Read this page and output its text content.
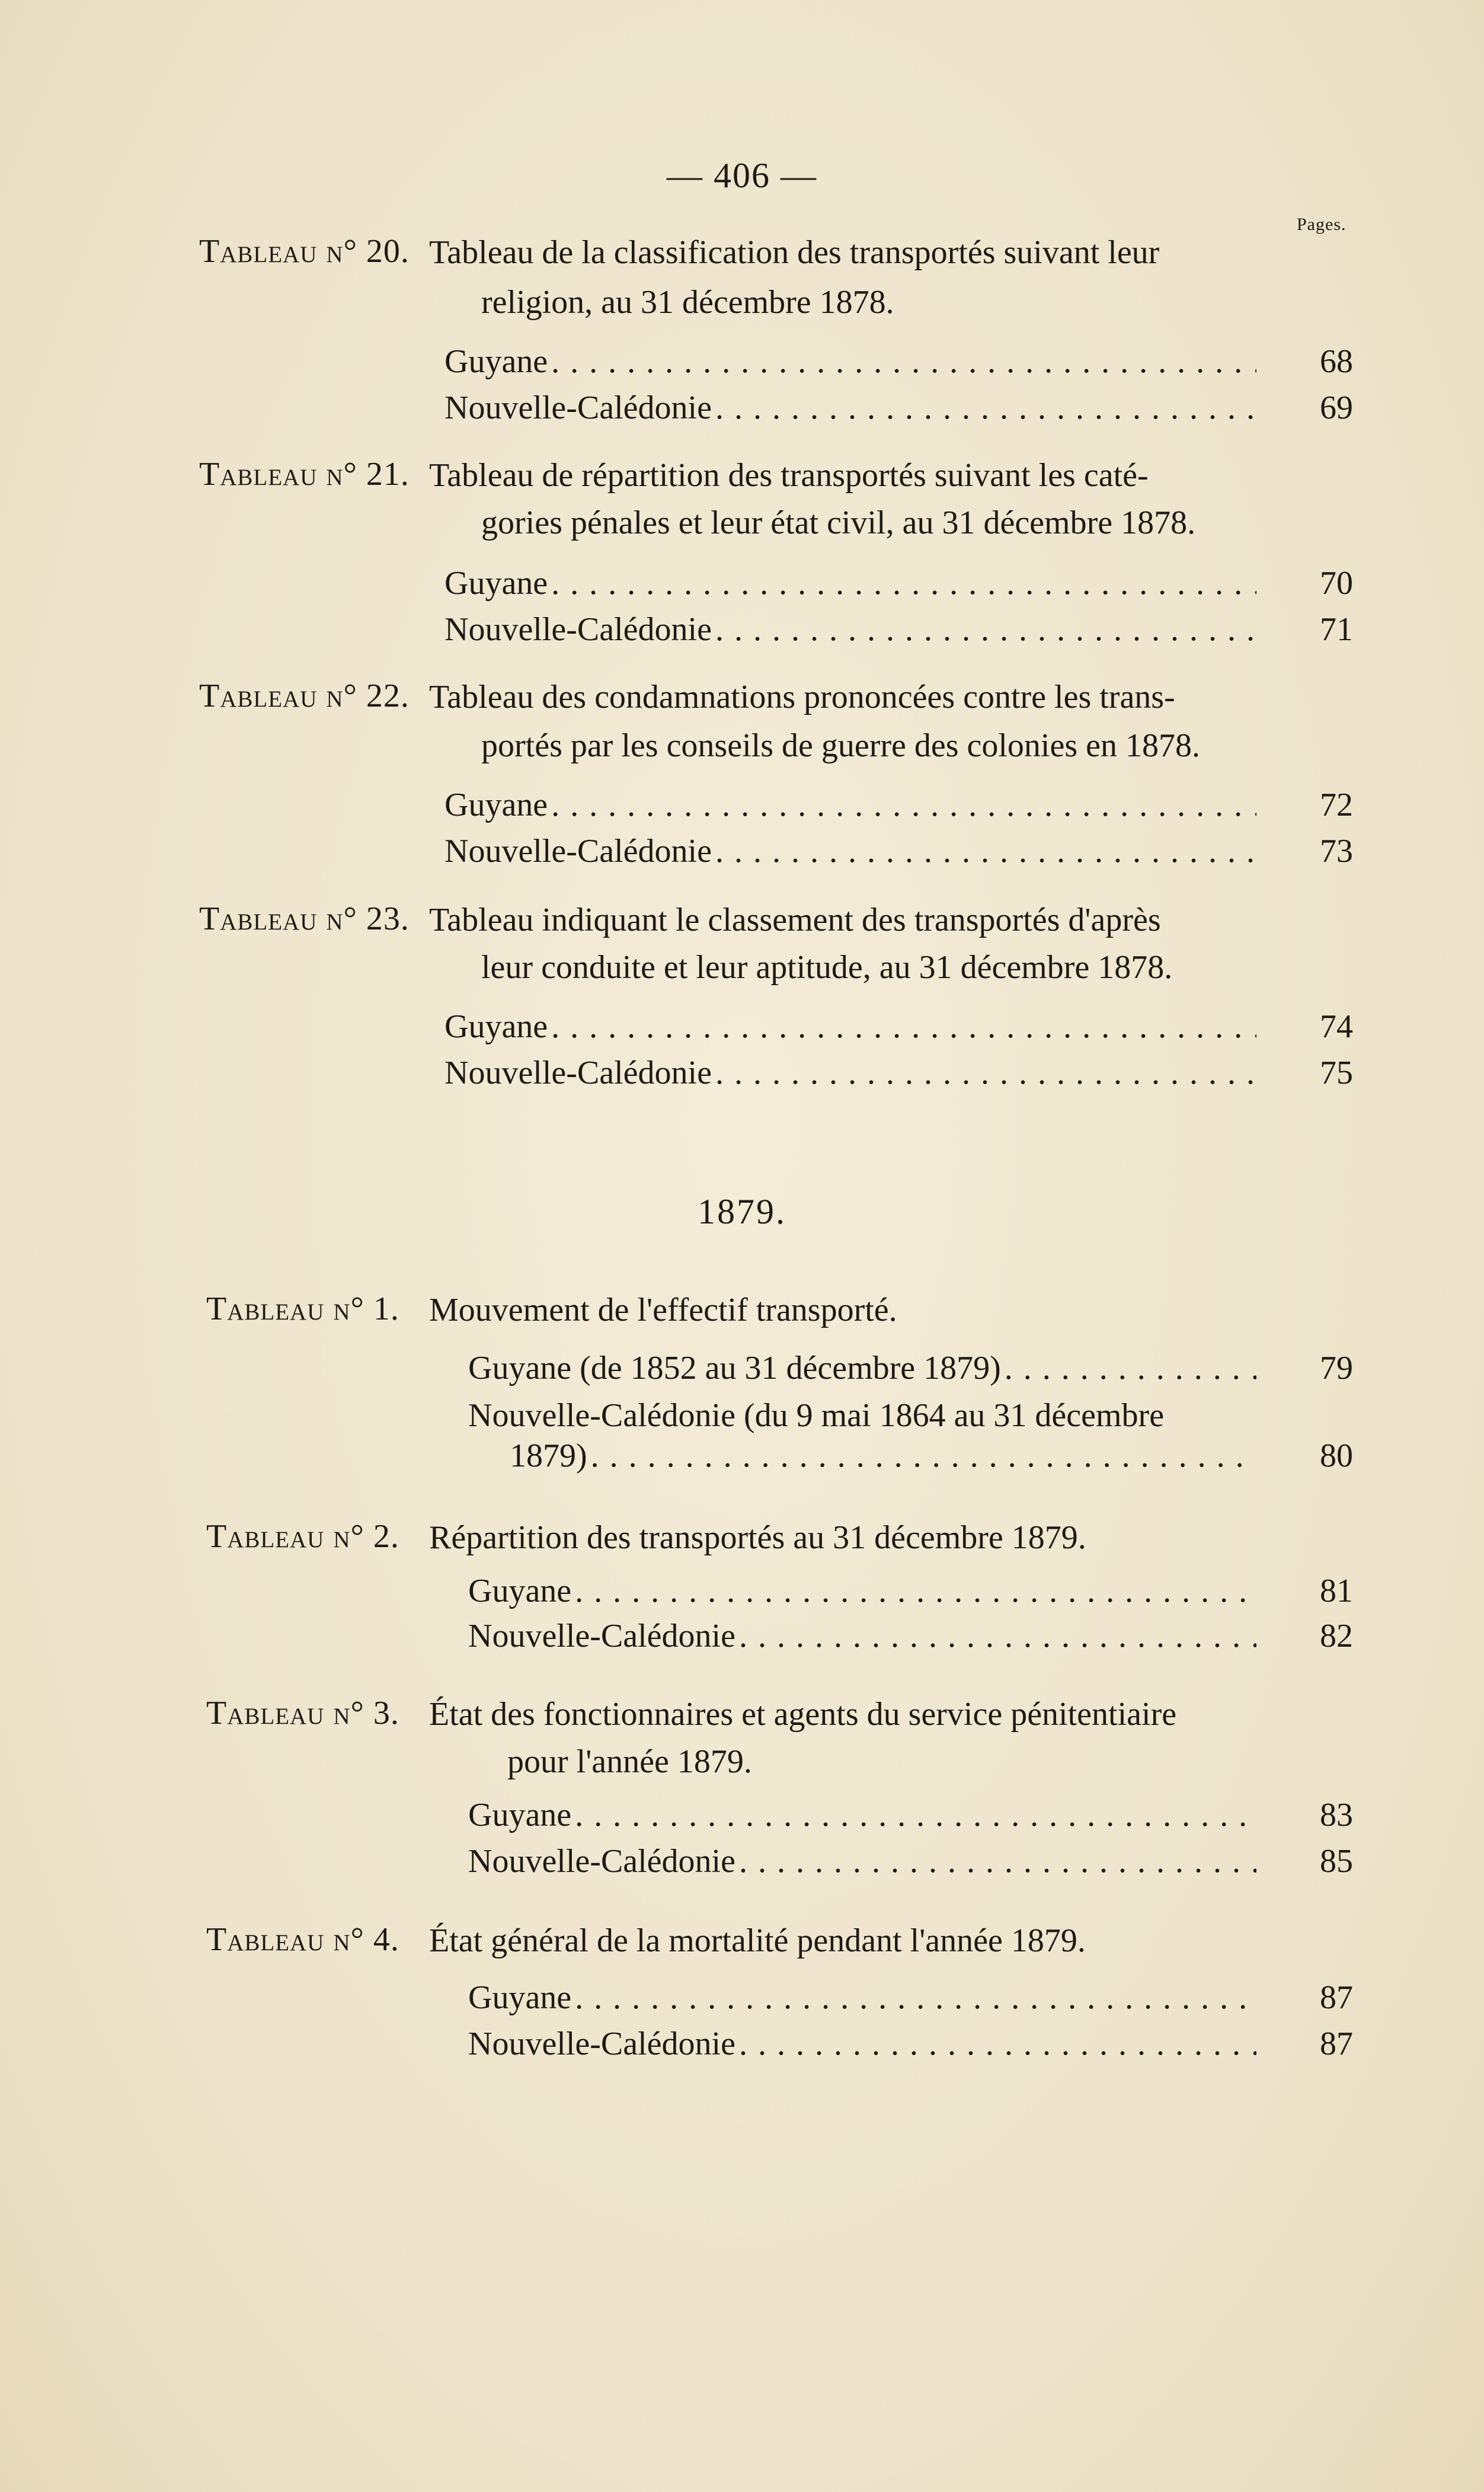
— 406 —
Pages.
Tableau n° 20. Tableau de la classification des transportés suivant leur
religion, au 31 décembre 1878.
Guyane . . .	68
Nouvelle-Calédonie . . .	69
Tableau n° 21. Tableau de répartition des transportés suivant les caté-
gories pénales et leur état civil, au 31 décembre 1878.
Guyane . . .	70
Nouvelle-Calédonie . . .	71
Tableau n° 22. Tableau des condamnations prononcées contre les trans-
portés par les conseils de guerre des colonies en 1878.
Guyane . . .	72
Nouvelle-Calédonie . . .	73
Tableau n° 23. Tableau indiquant le classement des transportés d'après
leur conduite et leur aptitude, au 31 décembre 1878.
Guyane . . .	74
Nouvelle-Calédonie . . .	75
1879.
Tableau n° 1. Mouvement de l'effectif transporté.
Guyane (de 1852 au 31 décembre 1879) . . .	79
Nouvelle-Calédonie (du 9 mai 1864 au 31 décembre
1879) . . .	80
Tableau n° 2. Répartition des transportés au 31 décembre 1879.
Guyane . . .	81
Nouvelle-Calédonie . . .	82
Tableau n° 3. État des fonctionnaires et agents du service pénitentiaire
pour l'année 1879.
Guyane . . .	83
Nouvelle-Calédonie . . .	85
Tableau n° 4. État général de la mortalité pendant l'année 1879.
Guyane . . .	87
Nouvelle-Calédonie . . .	87
